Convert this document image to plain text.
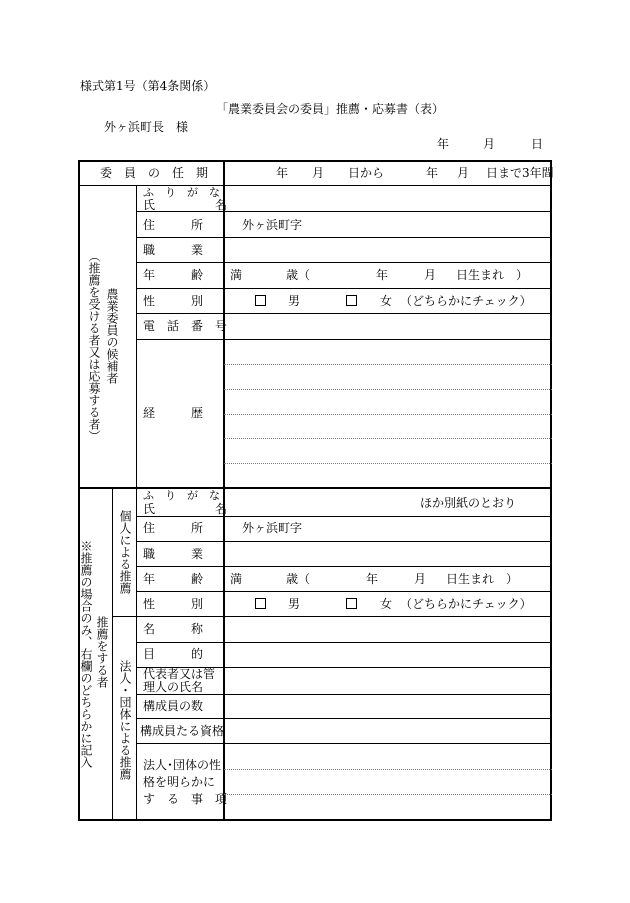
様式第1号（第4条関係）
「農業委員会の委員」推薦・応募書（表）
外ヶ浜町長　様
年	月	日
委　員　の　任　期	年 月 日から	年 月 日まで3年間
農業委員の候補者
（推薦を受ける者又は応募する者）
ふ　り　が　な
氏　　　　　名
住　　　所	外ヶ浜町字
職　　　業
年　　　齢 満	歳（	年	月 日生まれ　）
性　　　別	男	女 （どちらかにチェック）
電　話　番　号
経　　　歴
推薦をする者
※推薦の場合のみ、右欄のどちらかに記入 個人による推薦
法人・団体による推薦
ふ　り　が　な
氏　　　　　名	ほか別紙のとおり
住　　　所	外ヶ浜町字
職　　　業
年　　　齢 満	歳（	年	月 日生まれ　）
性　　　別	男	女 （どちらかにチェック）
名　　　称
目　　　的
代表者又は管
理人の氏名
構成員の数
構成員たる資格
法人･団体の性
格を明らかに
す　る　事　項
